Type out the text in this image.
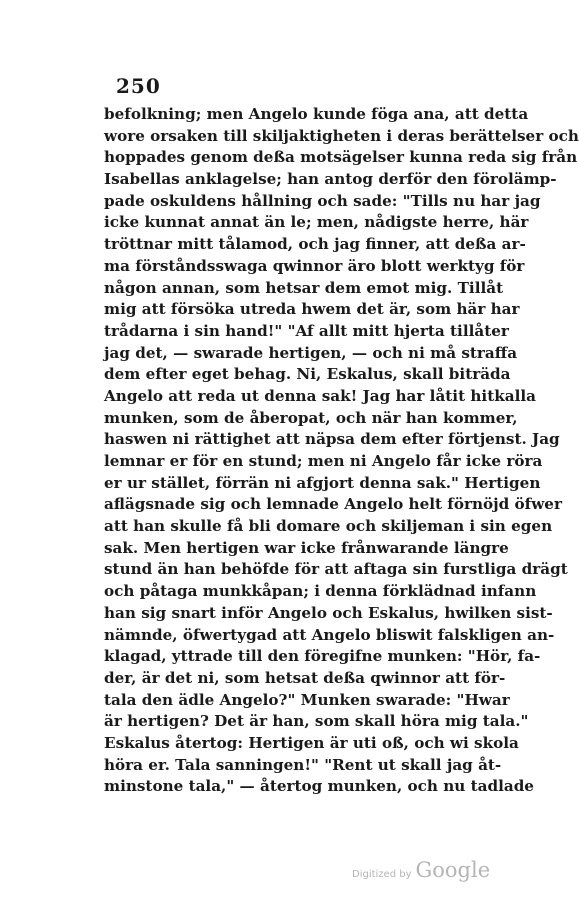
250
befolkning; men Angelo kunde föga ana, att detta
wore orsaken till skiljaktigheten i deras berättelser och
hoppades genom deßa motsägelser kunna reda sig från
Isabellas anklagelse; han antog derför den förolämp-
pade oskuldens hållning och sade: "Tills nu har jag
icke kunnat annat än le; men, nådigste herre, här
tröttnar mitt tålamod, och jag finner, att deßa ar-
ma förståndsswaga qwinnor äro blott werktyg för
någon annan, som hetsar dem emot mig. Tillåt
mig att försöka utreda hwem det är, som här har
trådarna i sin hand!" "Af allt mitt hjerta tillåter
jag det, — swarade hertigen, — och ni må straffa
dem efter eget behag. Ni, Eskalus, skall biträda
Angelo att reda ut denna sak! Jag har låtit hitkalla
munken, som de åberopat, och när han kommer,
haswen ni rättighet att näpsa dem efter förtjenst. Jag
lemnar er för en stund; men ni Angelo får icke röra
er ur stället, förrän ni afgjort denna sak." Hertigen
aflägsnade sig och lemnade Angelo helt förnöjd öfwer
att han skulle få bli domare och skiljeman i sin egen
sak. Men hertigen war icke frånwarande längre
stund än han behöfde för att aftaga sin furstliga drägt
och påtaga munkkåpan; i denna förklädnad infann
han sig snart inför Angelo och Eskalus, hwilken sist-
nämnde, öfwertygad att Angelo bliswit falskligen an-
klagad, yttrade till den föregifne munken: "Hör, fa-
der, är det ni, som hetsat deßa qwinnor att för-
tala den ädle Angelo?" Munken swarade: "Hwar
är hertigen? Det är han, som skall höra mig tala."
Eskalus återtog: Hertigen är uti oß, och wi skola
höra er. Tala sanningen!" "Rent ut skall jag åt-
minstone tala," — återtog munken, och nu tadlade
Digitized by Google
